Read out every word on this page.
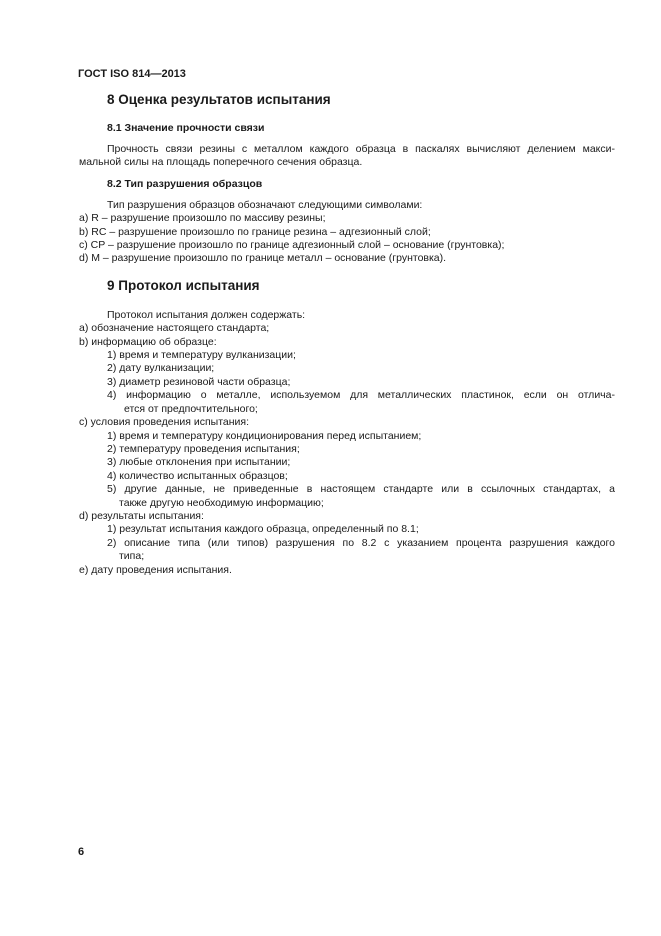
ГОСТ ISO 814—2013
8 Оценка результатов испытания
8.1 Значение прочности связи
Прочность связи резины с металлом каждого образца в паскалях вычисляют делением макси-
мальной силы на площадь поперечного сечения образца.
8.2 Тип разрушения образцов
Тип разрушения образцов обозначают следующими символами:
a) R – разрушение произошло по массиву резины;
b) RC – разрушение произошло по границе резина – адгезионный слой;
c) CP – разрушение произошло по границе адгезионный слой – основание (грунтовка);
d) M – разрушение произошло по границе металл – основание (грунтовка).
9 Протокол испытания
Протокол испытания должен содержать:
a) обозначение настоящего стандарта;
b) информацию об образце:
1) время и температуру вулканизации;
2) дату вулканизации;
3) диаметр резиновой части образца;
4) информацию о металле, используемом для металлических пластинок, если он отлича-
ется от предпочтительного;
c) условия проведения испытания:
1) время и температуру кондиционирования перед испытанием;
2) температуру проведения испытания;
3) любые отклонения при испытании;
4) количество испытанных образцов;
5) другие данные, не приведенные в настоящем стандарте или в ссылочных стандартах, а
также другую необходимую информацию;
d) результаты испытания:
1) результат испытания каждого образца, определенный по 8.1;
2) описание типа (или типов) разрушения по 8.2 с указанием процента разрушения каждого
типа;
e) дату проведения испытания.
6
